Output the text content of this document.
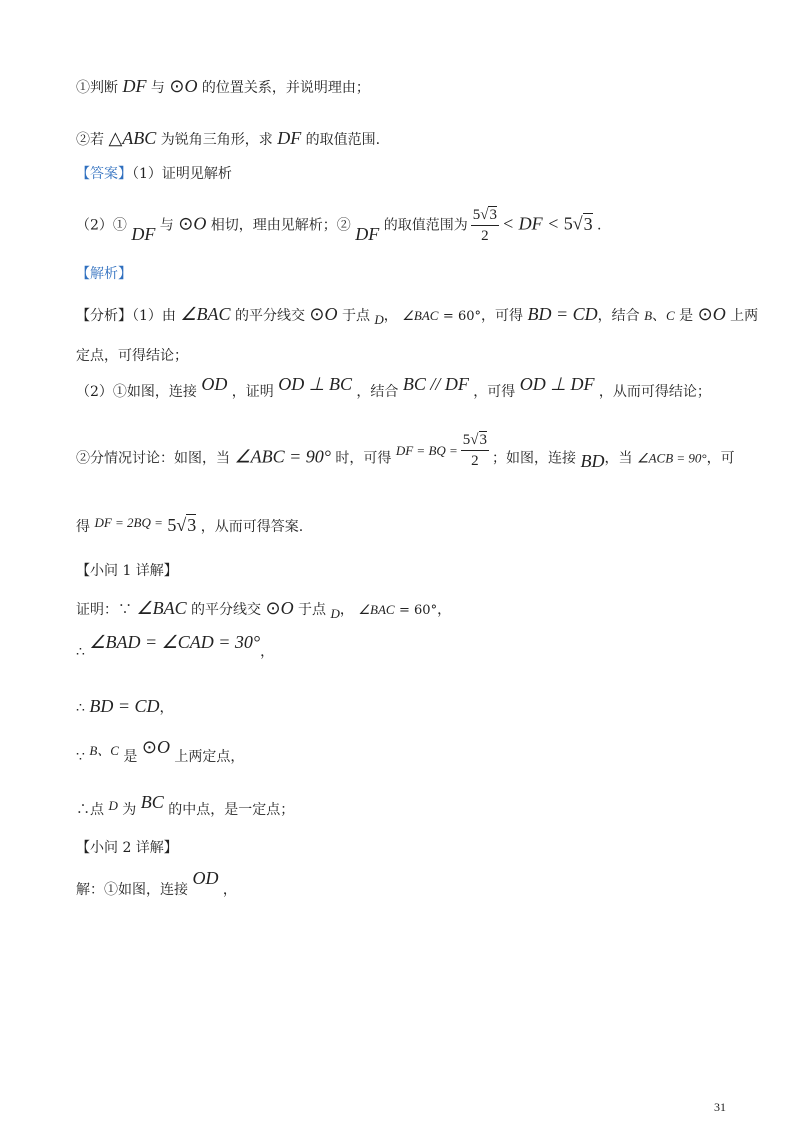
①判断 DF 与 ⊙O 的位置关系，并说明理由；
②若 △ABC 为锐角三角形，求 DF 的取值范围.
【答案】（1）证明见解析
（2）① DF 与 ⊙O 相切，理由见解析；② DF 的取值范围为 $\frac{5√3}{2}$ < DF < 5√3 .
【解析】
【分析】（1）由 ∠BAC 的平分线交 ⊙O 于点 D， ∠BAC = 60°，可得 BD = CD，结合 B、C 是 ⊙O 上两
定点，可得结论；
（2）①如图，连接 OD ，证明 OD ⊥ BC ，结合 BC // DF ，可得 OD ⊥ DF ，从而可得结论；
②分情况讨论：如图，当 ∠ABC = 90° 时，可得 DF = BQ = $\frac{5√3}{2}$ ；如图，连接 BD，当 ∠ACB = 90°，可
得 DF = 2BQ = 5√3 ，从而可得答案.
【小问 1 详解】
证明：∵ ∠BAC 的平分线交 ⊙O 于点 D， ∠BAC = 60°，
∴ ∠BAD = ∠CAD = 30°，
∴ BD = CD，
∵ B、C 是 ⊙O 上两定点，
∴点 D 为 BC 的中点，是一定点；
【小问 2 详解】
解：①如图，连接 OD ，
31
